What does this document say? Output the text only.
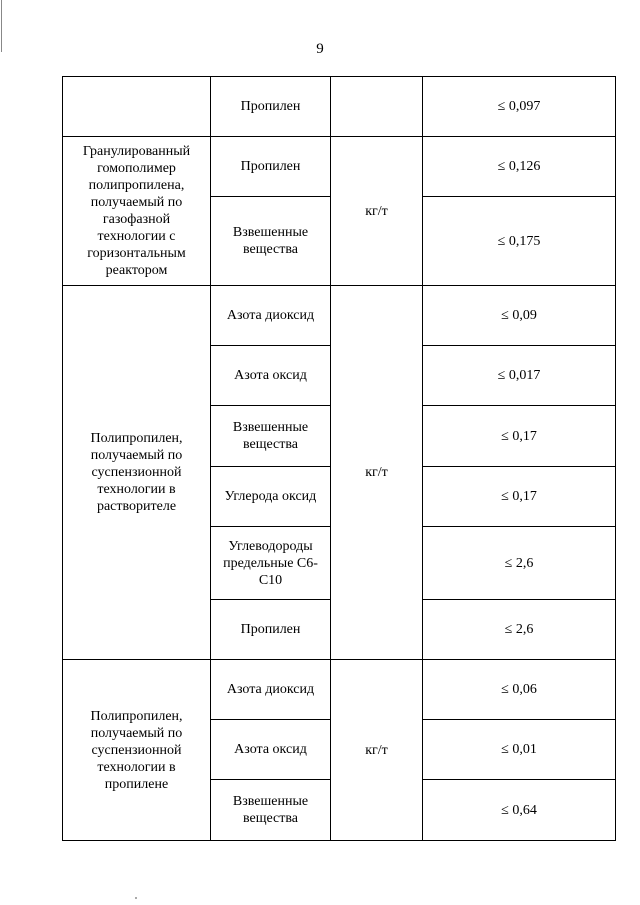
9
	Пропилен		≤ 0,097
Гранулированный гомополимер полипропилена, получаемый по газофазной технологии с горизонтальным реактором	Пропилен	кг/т	≤ 0,126
	Взвешенные вещества		≤ 0,175
Полипропилен, получаемый по суспензионной технологии в растворителе	Азота диоксид	кг/т	≤ 0,09
	Азота оксид		≤ 0,017
	Взвешенные вещества		≤ 0,17
	Углерода оксид		≤ 0,17
	Углеводороды предельные С6-С10		≤ 2,6
	Пропилен		≤ 2,6
Полипропилен, получаемый по суспензионной технологии в пропилене	Азота диоксид	кг/т	≤ 0,06
	Азота оксид		≤ 0,01
	Взвешенные вещества		≤ 0,64
